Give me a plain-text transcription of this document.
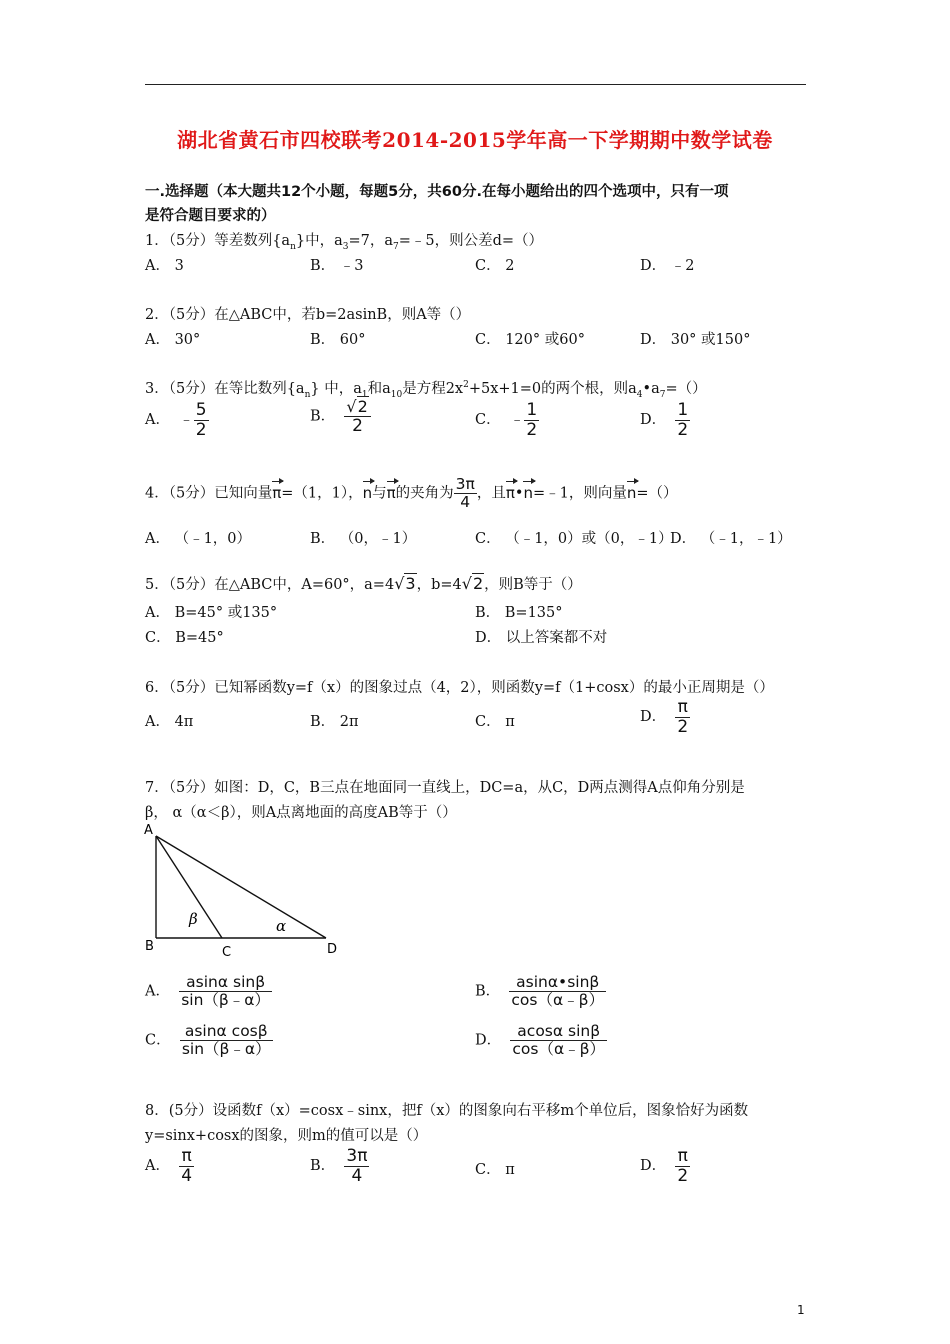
湖北省黄石市四校联考2014-2015学年高一下学期期中数学试卷
一.选择题（本大题共12个小题，每题5分，共60分.在每小题给出的四个选项中，只有一项
是符合题目要求的）
1．（5分）等差数列$\{a_n\}$中，$a_3=7$，$a_7=﹣5$，则公差d=（）
A． 3	B． ﹣3	C． 2	D． ﹣2
2．（5分）在△ABC中，若b=2asinB，则A等（）
A． 30°	B． 60°	C． 120° 或60°	D． 30° 或150°
3．（5分）在等比数列$\{a_n\}$ 中，$a_1$和$a_{10}$是方程$2x^2+5x+1=0$的两个根，则$a_4•a_7=()$
A． ﹣ $\frac{5}{2}$	B． $\frac{√2}{2}$	C． ﹣ $\frac{1}{2}$	D． $\frac{1}{2}$
4．（5分）已知向量π=（1，1），n与π的夹角为 $\frac{3\pi}{4}$ ，且π•n=﹣1，则向量n=（）
A． （﹣1，0）	B． （0，﹣1）	C． （﹣1，0）或（0，﹣1）
D． （﹣1，﹣1）
5．（5分）在△ABC中，A=60°，a=4√3，b=4√2，则B等于（）
A． B=45° 或135°	B． B=135°
C． B=45°	D． 以上答案都不对
6．（5分）已知幂函数y=f（x）的图象过点（4，2），则函数y=f（1+cosx）的最小正周期是（）
A． 4π	B． 2π	C． π	D． $\frac{\pi}{2}$
7．（5分）如图：D，C，B三点在地面同一直线上，DC=a，从C，D两点测得A点仰角分别是
β， α（α＜β），则A点离地面的高度AB等于（）
A
B	C	D
β	α
A． $\frac{\text{asinα sinβ}}{\sin(\beta﹣\alpha)}$	B． $\frac{asin\alpha•\sin\beta}{\cos(\alpha﹣\beta)}$
C． $\frac{\text{asinα cosβ}}{\sin(\beta﹣\alpha)}$	D． $\frac{\text{acosα sinβ}}{\cos(\alpha﹣\beta)}$
8．(5分）设函数f（x）=cosx﹣sinx，把f（x）的图象向右平移m个单位后，图象恰好为函数
y=sinx+cosx的图象，则m的值可以是（）
A． $\frac{\pi}{4}$	B． $\frac{3\pi}{4}$	C． π	D． $\frac{\pi}{2}$
1
